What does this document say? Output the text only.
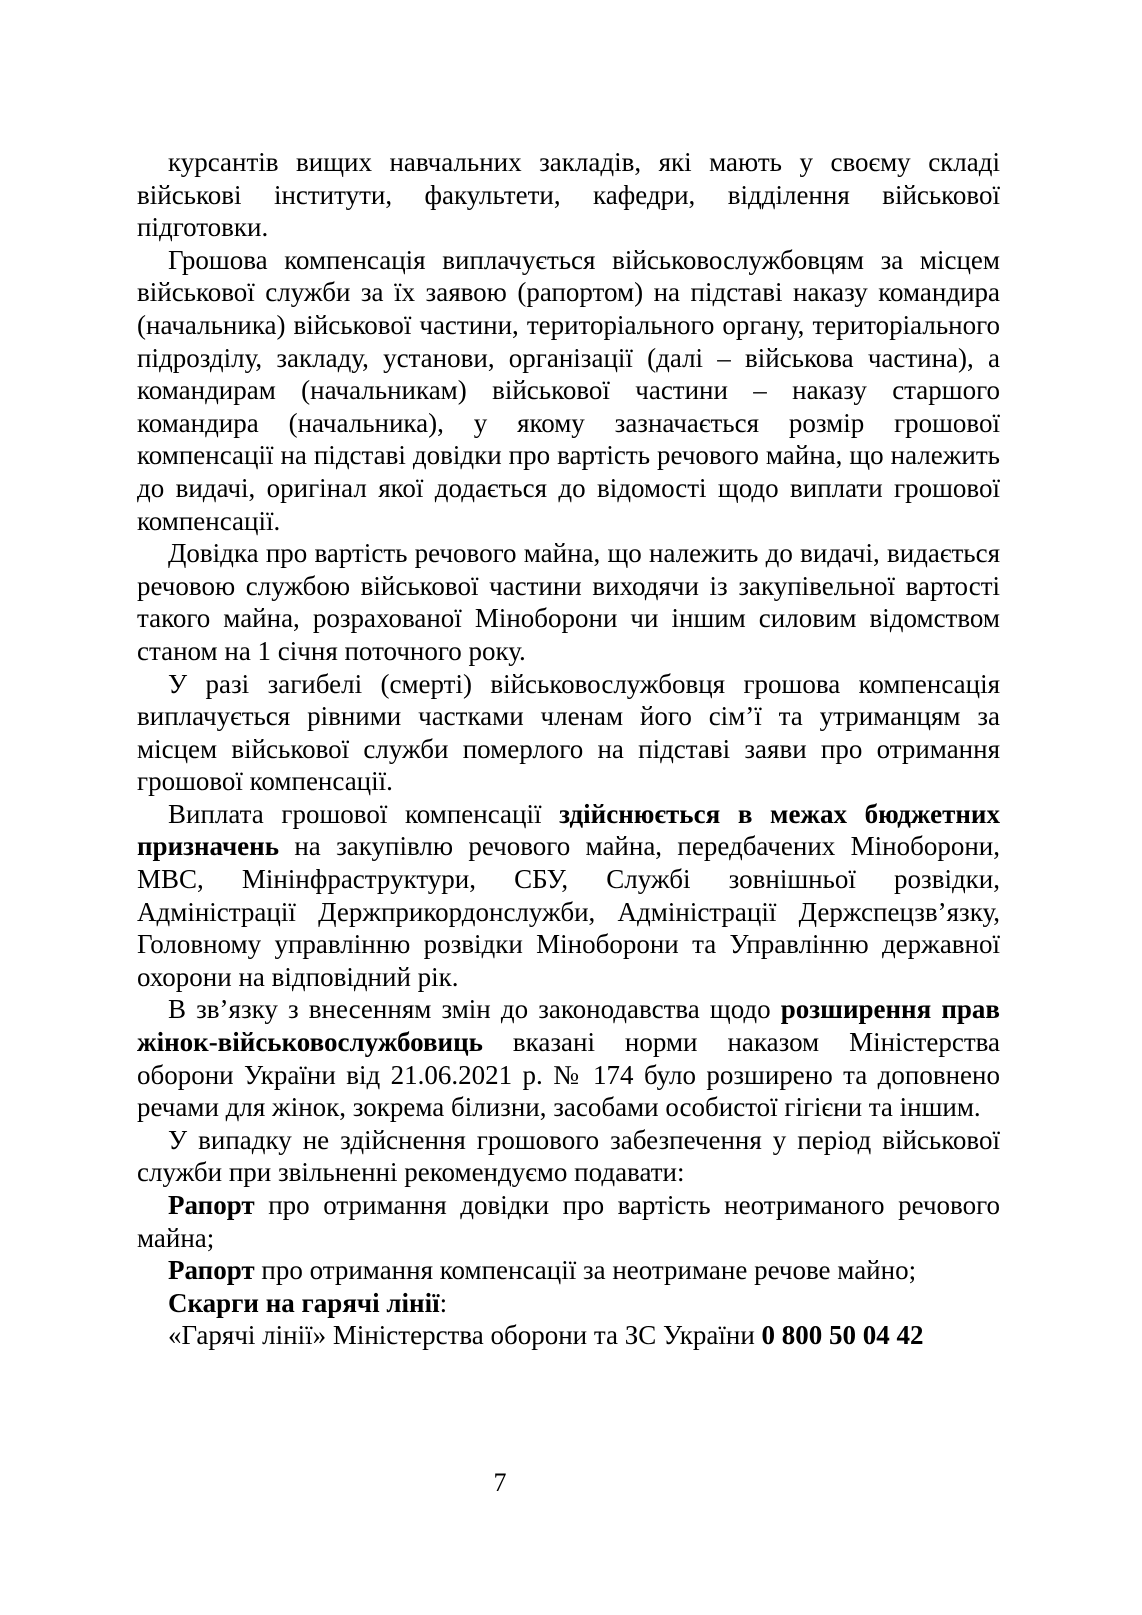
курсантів вищих навчальних закладів, які мають у своєму складі військові інститути, факультети, кафедри, відділення військової підготовки.

Грошова компенсація виплачується військовослужбовцям за місцем військової служби за їх заявою (рапортом) на підставі наказу командира (начальника) військової частини, територіального органу, територіального підрозділу, закладу, установи, організації (далі – військова частина), а командирам (начальникам) військової частини – наказу старшого командира (начальника), у якому зазначається розмір грошової компенсації на підставі довідки про вартість речового майна, що належить до видачі, оригінал якої додається до відомості щодо виплати грошової компенсації.

Довідка про вартість речового майна, що належить до видачі, видається речовою службою військової частини виходячи із закупівельної вартості такого майна, розрахованої Міноборони чи іншим силовим відомством станом на 1 січня поточного року.

У разі загибелі (смерті) військовослужбовця грошова компенсація виплачується рівними частками членам його сім’ї та утриманцям за місцем військової служби померлого на підставі заяви про отримання грошової компенсації.

Виплата грошової компенсації здійснюється в межах бюджетних призначень на закупівлю речового майна, передбачених Міноборони, МВС, Мінінфраструктури, СБУ, Службі зовнішньої розвідки, Адміністрації Держприкордонслужби, Адміністрації Держспецзв’язку, Головному управлінню розвідки Міноборони та Управлінню державної охорони на відповідний рік.

В зв’язку з внесенням змін до законодавства щодо розширення прав жінок-військовослужбовиць вказані норми наказом Міністерства оборони України від 21.06.2021 р. № 174 було розширено та доповнено речами для жінок, зокрема білизни, засобами особистої гігієни та іншим.

У випадку не здійснення грошового забезпечення у період військової служби при звільненні рекомендуємо подавати:

Рапорт про отримання довідки про вартість неотриманого речового майна;

Рапорт про отримання компенсації за неотримане речове майно;

Скарги на гарячі лінії:

«Гарячі лінії» Міністерства оборони та ЗС України 0 800 50 04 42

7
